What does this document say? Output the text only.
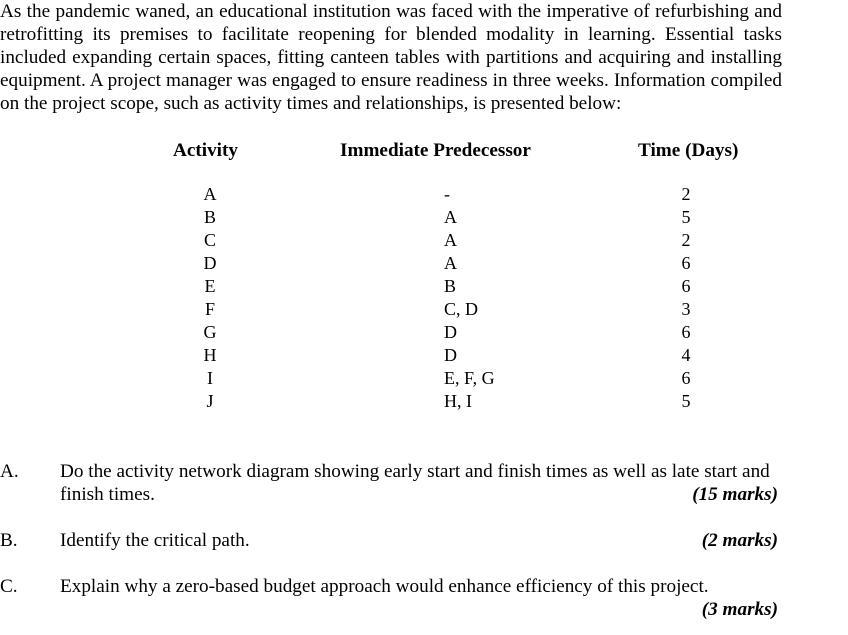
As the pandemic waned, an educational institution was faced with the imperative of refurbishing and retrofitting its premises to facilitate reopening for blended modality in learning. Essential tasks included expanding certain spaces, fitting canteen tables with partitions and acquiring and installing equipment. A project manager was engaged to ensure readiness in three weeks. Information compiled on the project scope, such as activity times and relationships, is presented below:

Activity	Immediate Predecessor	Time (Days)
A	-	2
B	A	5
C	A	2
D	A	6
E	B	6
F	C, D	3
G	D	6
H	D	4
I	E, F, G	6
J	H, I	5
A. Do the activity network diagram showing early start and finish times as well as late start and finish times.	(15 marks)
B. Identify the critical path.	(2 marks)
C. Explain why a zero-based budget approach would enhance efficiency of this project.
(3 marks)
